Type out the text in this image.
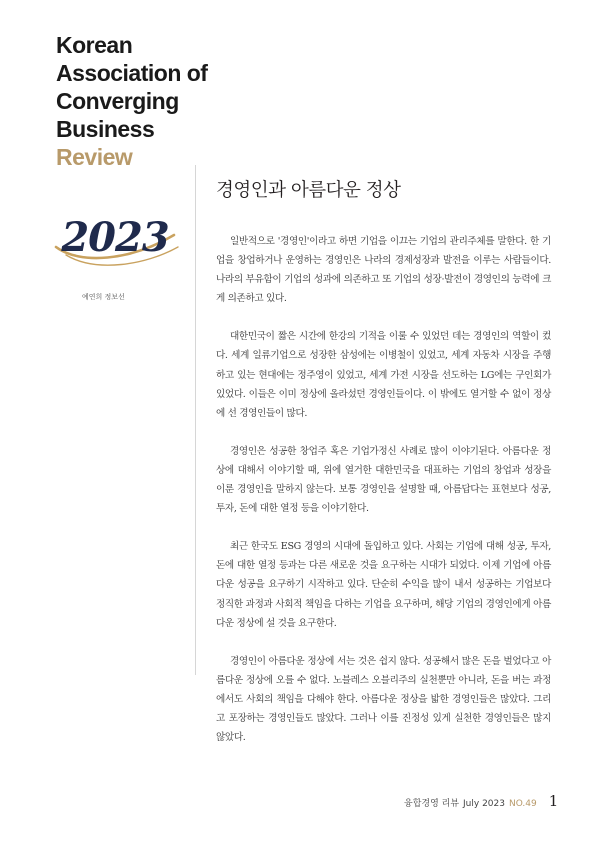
Korean
Association of
Converging
Business
Review
2023
예연희 정보선
경영인과 아름다운 정상

일반적으로 '경영인'이라고 하면 기업을 이끄는 기업의 관리주체를 말한다. 한 기업을 창업하거나 운영하는 경영인은 나라의 경제성장과 발전을 이루는 사람들이다. 나라의 부유함이 기업의 성과에 의존하고 또 기업의 성장·발전이 경영인의 능력에 크게 의존하고 있다.

대한민국이 짧은 시간에 한강의 기적을 이룰 수 있었던 데는 경영인의 역할이 컸다. 세계 일류기업으로 성장한 삼성에는 이병철이 있었고, 세계 자동차 시장을 주행하고 있는 현대에는 정주영이 있었고, 세계 가전 시장을 선도하는 LG에는 구인회가 있었다. 이들은 이미 정상에 올라섰던 경영인들이다. 이 밖에도 열거할 수 없이 정상에 선 경영인들이 많다.

경영인은 성공한 창업주 혹은 기업가정신 사례로 많이 이야기된다. 아름다운 정상에 대해서 이야기할 때, 위에 열거한 대한민국을 대표하는 기업의 창업과 성장을 이룬 경영인을 말하지 않는다. 보통 경영인을 설명할 때, 아름답다는 표현보다 성공, 투자, 돈에 대한 열정 등을 이야기한다.

최근 한국도 ESG 경영의 시대에 돌입하고 있다. 사회는 기업에 대해 성공, 투자, 돈에 대한 열정 등과는 다른 새로운 것을 요구하는 시대가 되었다. 이제 기업에 아름다운 성공을 요구하기 시작하고 있다. 단순히 수익을 많이 내서 성공하는 기업보다 정직한 과정과 사회적 책임을 다하는 기업을 요구하며, 해당 기업의 경영인에게 아름다운 정상에 설 것을 요구한다.

경영인이 아름다운 정상에 서는 것은 쉽지 않다. 성공해서 많은 돈을 벌었다고 아름다운 정상에 오를 수 없다. 노블레스 오블리주의 실천뿐만 아니라, 돈을 버는 과정에서도 사회의 책임을 다해야 한다. 아름다운 정상을 밟한 경영인들은 많았다. 그리고 포장하는 경영인들도 많았다. 그러나 이를 진정성 있게 실천한 경영인들은 많지 않았다.

융합경영 리뷰 July 2023 NO.49 1
